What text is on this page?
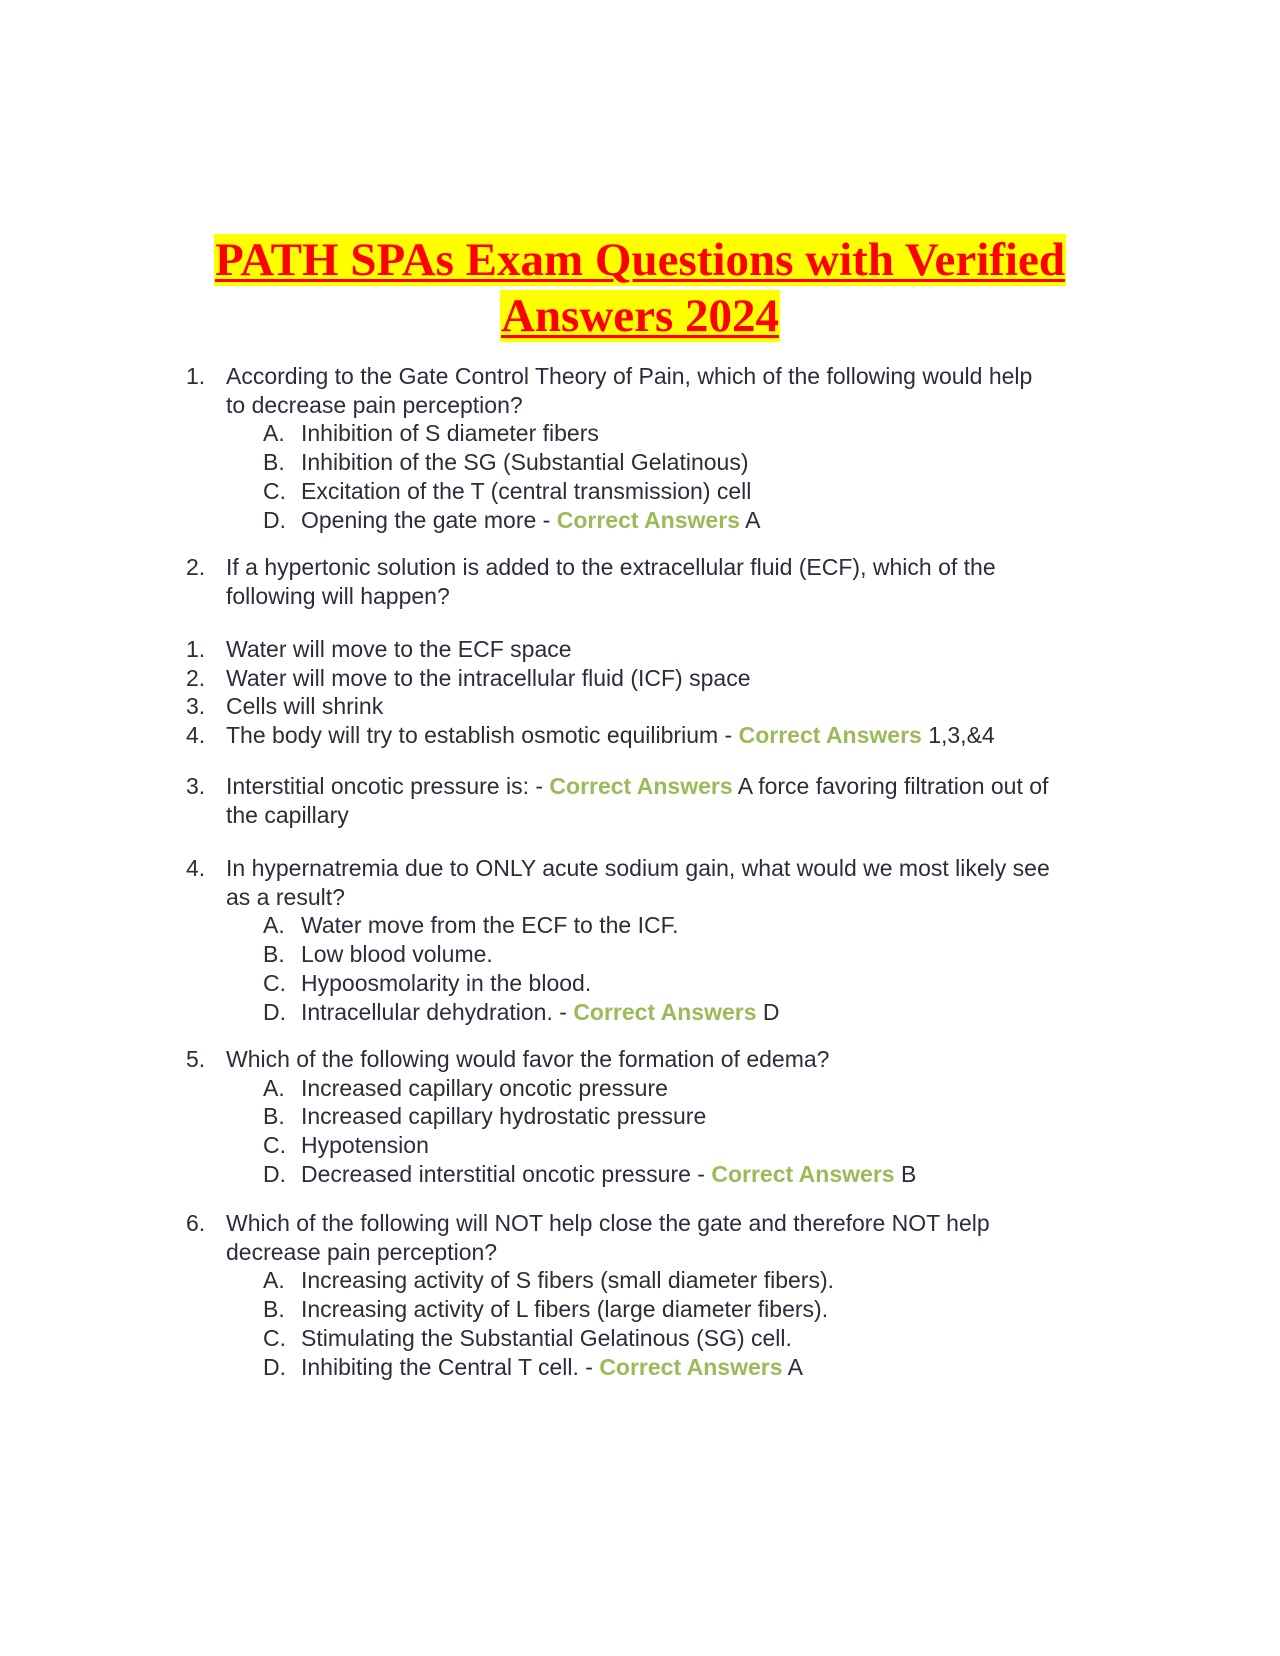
PATH SPAs Exam Questions with Verified
Answers 2024
1. According to the Gate Control Theory of Pain, which of the following would help
to decrease pain perception?
A. Inhibition of S diameter fibers
B. Inhibition of the SG (Substantial Gelatinous)
C. Excitation of the T (central transmission) cell
D. Opening the gate more - Correct Answers A
2. If a hypertonic solution is added to the extracellular fluid (ECF), which of the
following will happen?
1. Water will move to the ECF space
2. Water will move to the intracellular fluid (ICF) space
3. Cells will shrink
4. The body will try to establish osmotic equilibrium - Correct Answers 1,3,&4
3. Interstitial oncotic pressure is: - Correct Answers A force favoring filtration out of
the capillary
4. In hypernatremia due to ONLY acute sodium gain, what would we most likely see
as a result?
A. Water move from the ECF to the ICF.
B. Low blood volume.
C. Hypoosmolarity in the blood.
D. Intracellular dehydration. - Correct Answers D
5. Which of the following would favor the formation of edema?
A. Increased capillary oncotic pressure
B. Increased capillary hydrostatic pressure
C. Hypotension
D. Decreased interstitial oncotic pressure - Correct Answers B
6. Which of the following will NOT help close the gate and therefore NOT help
decrease pain perception?
A. Increasing activity of S fibers (small diameter fibers).
B. Increasing activity of L fibers (large diameter fibers).
C. Stimulating the Substantial Gelatinous (SG) cell.
D. Inhibiting the Central T cell. - Correct Answers A
